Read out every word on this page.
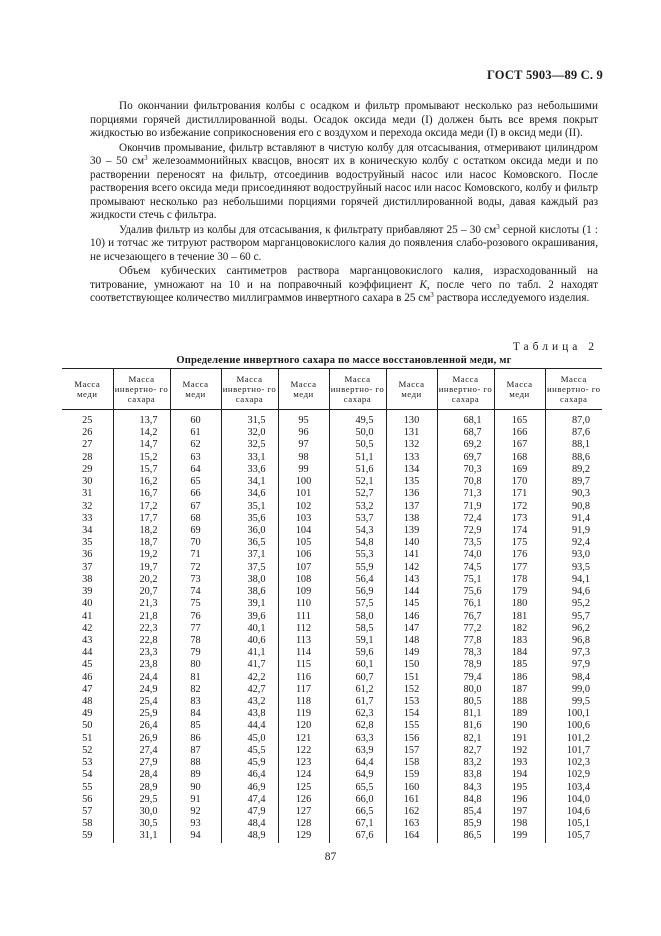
ГОСТ 5903—89 С. 9

По окончании фильтрования колбы с осадком и фильтр промывают несколько раз небольшими порциями горячей дистиллированной воды. Осадок оксида меди (I) должен быть все время покрыт жидкостью во избежание соприкосновения его с воздухом и перехода оксида меди (I) в оксид меди (II).

Окончив промывание, фильтр вставляют в чистую колбу для отсасывания, отмеривают цилиндром 30 – 50 $см^3$ железоаммонийных квасцов, вносят их в коническую колбу с остатком оксида меди и по растворении переносят на фильтр, отсоединив водоструйный насос или насос Комовского. После растворения всего оксида меди присоединяют водоструйный насос или насос Комовского, колбу и фильтр промывают несколько раз небольшими порциями горячей дистиллированной воды, давая каждый раз жидкости стечь с фильтра.

Удалив фильтр из колбы для отсасывания, к фильтрату прибавляют 25 – 30 $см^3$ серной кислоты (1 : 10) и тотчас же титруют раствором марганцовокислого калия до появления слабо-розового окрашивания, не исчезающего в течение 30 – 60 с.

Объем кубических сантиметров раствора марганцовокислого калия, израсходованный на титрование, умножают на 10 и на поправочный коэффициент K, после чего по табл. 2 находят соответствующее количество миллиграммов инвертного сахара в 25 $см^3$ раствора исследуемого изделия.

Таблица 2
Определение инвертного сахара по массе восстановленной меди, мг
Масса меди	Масса инвертно- го сахара	Масса меди	Масса инвертно- го сахара	Масса меди	Масса инвертно- го сахара	Масса меди	Масса инвертно- го сахара	Масса меди	Масса инвертно- го сахара
25	13,7	60	31,5	95	49,5	130	68,1	165	87,0
26	14,2	61	32,0	96	50,0	131	68,7	166	87,6
27	14,7	62	32,5	97	50,5	132	69,2	167	88,1
28	15,2	63	33,1	98	51,1	133	69,7	168	88,6
29	15,7	64	33,6	99	51,6	134	70,3	169	89,2
30	16,2	65	34,1	100	52,1	135	70,8	170	89,7
31	16,7	66	34,6	101	52,7	136	71,3	171	90,3
32	17,2	67	35,1	102	53,2	137	71,9	172	90,8
33	17,7	68	35,6	103	53,7	138	72,4	173	91,4
34	18,2	69	36,0	104	54,3	139	72,9	174	91,9
35	18,7	70	36,5	105	54,8	140	73,5	175	92,4
36	19,2	71	37,1	106	55,3	141	74,0	176	93,0
37	19,7	72	37,5	107	55,9	142	74,5	177	93,5
38	20,2	73	38,0	108	56,4	143	75,1	178	94,1
39	20,7	74	38,6	109	56,9	144	75,6	179	94,6
40	21,3	75	39,1	110	57,5	145	76,1	180	95,2
41	21,8	76	39,6	111	58,0	146	76,7	181	95,7
42	22,3	77	40,1	112	58,5	147	77,2	182	96,2
43	22,8	78	40,6	113	59,1	148	77,8	183	96,8
44	23,3	79	41,1	114	59,6	149	78,3	184	97,3
45	23,8	80	41,7	115	60,1	150	78,9	185	97,9
46	24,4	81	42,2	116	60,7	151	79,4	186	98,4
47	24,9	82	42,7	117	61,2	152	80,0	187	99,0
48	25,4	83	43,2	118	61,7	153	80,5	188	99,5
49	25,9	84	43,8	119	62,3	154	81,1	189	100,1
50	26,4	85	44,4	120	62,8	155	81,6	190	100,6
51	26,9	86	45,0	121	63,3	156	82,1	191	101,2
52	27,4	87	45,5	122	63,9	157	82,7	192	101,7
53	27,9	88	45,9	123	64,4	158	83,2	193	102,3
54	28,4	89	46,4	124	64,9	159	83,8	194	102,9
55	28,9	90	46,9	125	65,5	160	84,3	195	103,4
56	29,5	91	47,4	126	66,0	161	84,8	196	104,0
57	30,0	92	47,9	127	66,5	162	85,4	197	104,6
58	30,5	93	48,4	128	67,1	163	85,9	198	105,1
59	31,1	94	48,9	129	67,6	164	86,5	199	105,7
87
